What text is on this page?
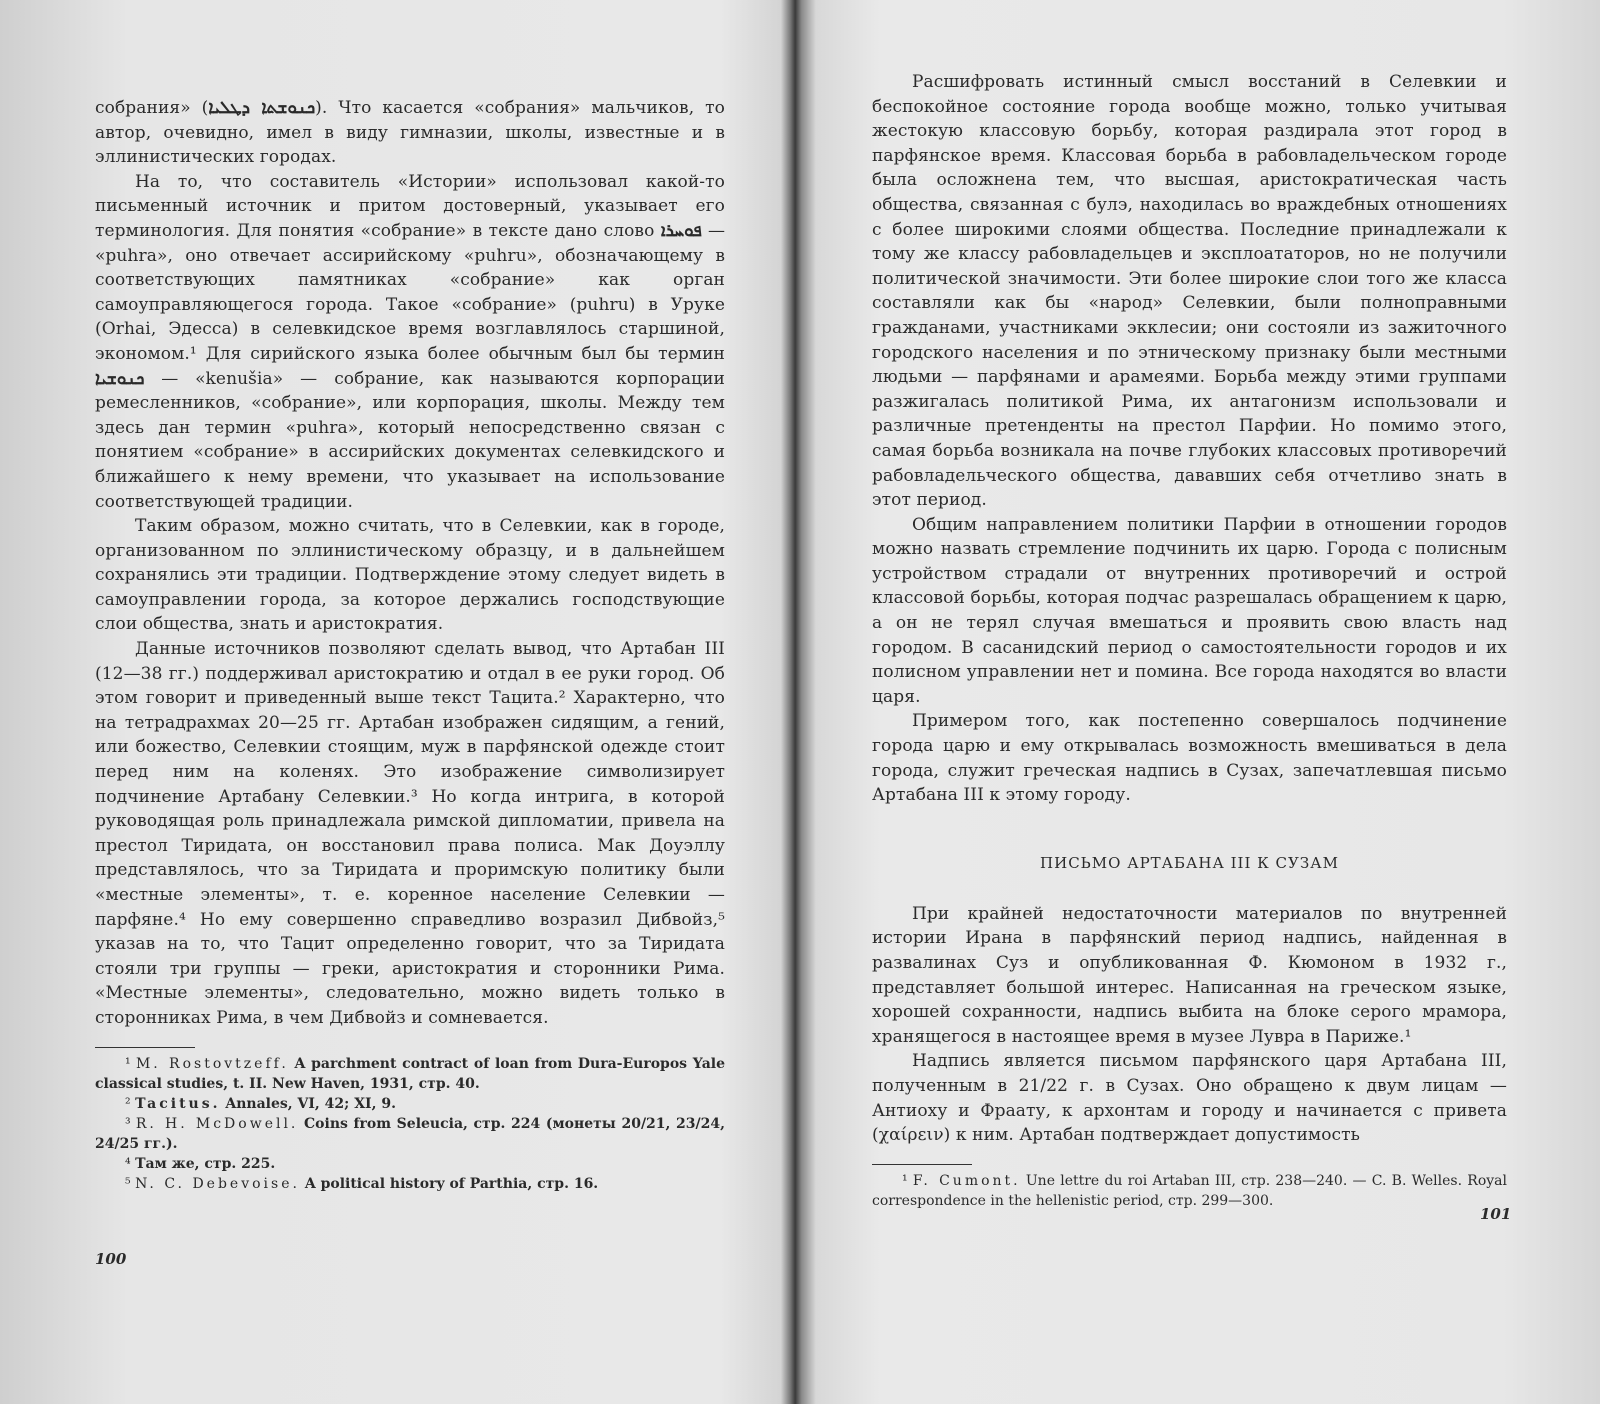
собрания» (ܟܢܘܫܬܐ ܕܛܠܝܐ). Что касается «собрания» мальчиков, то автор, очевидно, имел в виду гимназии, школы, известные и в эллинистических городах.

На то, что составитель «Истории» использовал какой-то письменный источник и притом достоверный, указывает его терминология. Для понятия «собрание» в тексте дано слово ܦܘܚܪܐ — «puhra», оно отвечает ассирийскому «puhru», обозначающему в соответствующих памятниках «собрание» как орган самоуправляющегося города. Такое «собрание» (puhru) в Уруке (Orhai, Эдесса) в селевкидское время возглавлялось старшиной, экономом.¹ Для сирийского языка более обычным был бы термин ܟܢܘܫܝܐ — «kenušia» — собрание, как называются корпорации ремесленников, «собрание», или корпорация, школы. Между тем здесь дан термин «puhra», который непосредственно связан с понятием «собрание» в ассирийских документах селевкидского и ближайшего к нему времени, что указывает на использование соответствующей традиции.

Таким образом, можно считать, что в Селевкии, как в городе, организованном по эллинистическому образцу, и в дальнейшем сохранялись эти традиции. Подтверждение этому следует видеть в самоуправлении города, за которое держались господствующие слои общества, знать и аристократия.

Данные источников позволяют сделать вывод, что Артабан III (12—38 гг.) поддерживал аристократию и отдал в ее руки город. Об этом говорит и приведенный выше текст Тацита.² Характерно, что на тетрадрахмах 20—25 гг. Артабан изображен сидящим, а гений, или божество, Селевкии стоящим, муж в парфянской одежде стоит перед ним на коленях. Это изображение символизирует подчинение Артабану Селевкии.³ Но когда интрига, в которой руководящая роль принадлежала римской дипломатии, привела на престол Тиридата, он восстановил права полиса. Мак Доуэллу представлялось, что за Тиридата и проримскую политику были «местные элементы», т. е. коренное население Селевкии — парфяне.⁴ Но ему совершенно справедливо возразил Дибвойз,⁵ указав на то, что Тацит определенно говорит, что за Тиридата стояли три группы — греки, аристократия и сторонники Рима. «Местные элементы», следовательно, можно видеть только в сторонниках Рима, в чем Дибвойз и сомневается.

¹ M. Rostovtzeff. A parchment contract of loan from Dura-Europos Yale classical studies, t. II. New Haven, 1931, стр. 40.

² Tacitus. Annales, VI, 42; XI, 9.

³ R. H. McDowell. Coins from Seleucia, стр. 224 (монеты 20/21, 23/24, 24/25 гг.).

⁴ Там же, стр. 225.

⁵ N. C. Debevoise. A political history of Parthia, стр. 16.

100

Расшифровать истинный смысл восстаний в Селевкии и беспокойное состояние города вообще можно, только учитывая жестокую классовую борьбу, которая раздирала этот город в парфянское время. Классовая борьба в рабовладельческом городе была осложнена тем, что высшая, аристократическая часть общества, связанная с булэ, находилась во враждебных отношениях с более широкими слоями общества. Последние принадлежали к тому же классу рабовладельцев и эксплоататоров, но не получили политической значимости. Эти более широкие слои того же класса составляли как бы «народ» Селевкии, были полноправными гражданами, участниками экклесии; они состояли из зажиточного городского населения и по этническому признаку были местными людьми — парфянами и арамеями. Борьба между этими группами разжигалась политикой Рима, их антагонизм использовали и различные претенденты на престол Парфии. Но помимо этого, самая борьба возникала на почве глубоких классовых противоречий рабовладельческого общества, дававших себя отчетливо знать в этот период.

Общим направлением политики Парфии в отношении городов можно назвать стремление подчинить их царю. Города с полисным устройством страдали от внутренних противоречий и острой классовой борьбы, которая подчас разрешалась обращением к царю, а он не терял случая вмешаться и проявить свою власть над городом. В сасанидский период о самостоятельности городов и их полисном управлении нет и помина. Все города находятся во власти царя.

Примером того, как постепенно совершалось подчинение города царю и ему открывалась возможность вмешиваться в дела города, служит греческая надпись в Сузах, запечатлевшая письмо Артабана III к этому городу.

ПИСЬМО АРТАБАНА III К СУЗАМ

При крайней недостаточности материалов по внутренней истории Ирана в парфянский период надпись, найденная в развалинах Суз и опубликованная Ф. Кюмоном в 1932 г., представляет большой интерес. Написанная на греческом языке, хорошей сохранности, надпись выбита на блоке серого мрамора, хранящегося в настоящее время в музее Лувра в Париже.¹

Надпись является письмом парфянского царя Артабана III, полученным в 21/22 г. в Сузах. Оно обращено к двум лицам — Антиоху и Фраату, к архонтам и городу и начинается с привета (χαίρειν) к ним. Артабан подтверждает допустимость

¹ F. Cumont. Une lettre du roi Artaban III, стр. 238—240. — C. B. Welles. Royal correspondence in the hellenistic period, стр. 299—300.

101
